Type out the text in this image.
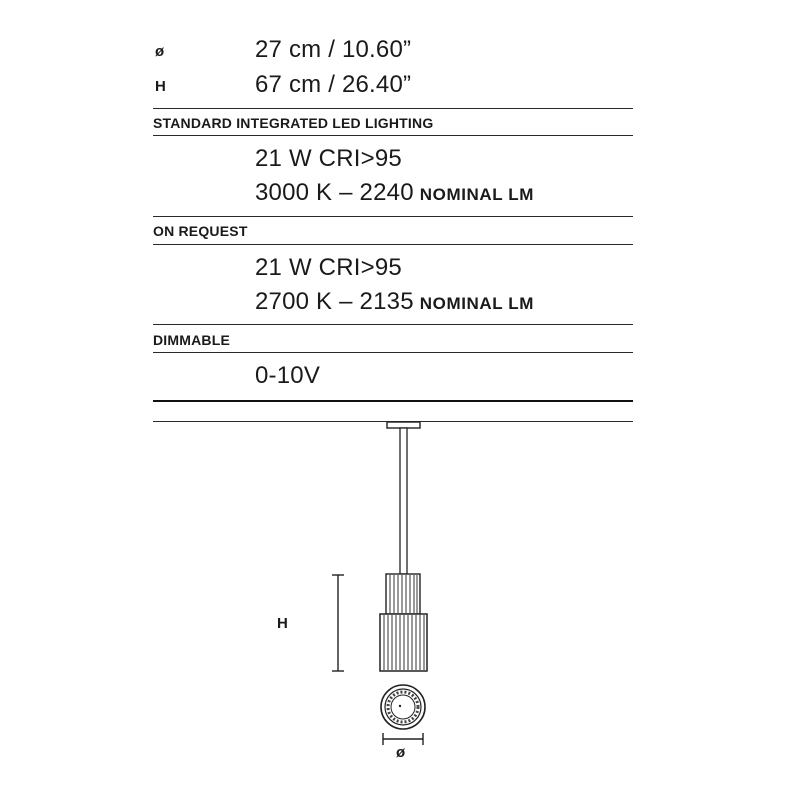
ø	27 cm / 10.60”
H	67 cm / 26.40”
STANDARD INTEGRATED LED LIGHTING
21 W CRI>95
3000 K – 2240 NOMINAL LM
ON REQUEST
21 W CRI>95
2700 K – 2135 NOMINAL LM
DIMMABLE
0-10V
H
ø
